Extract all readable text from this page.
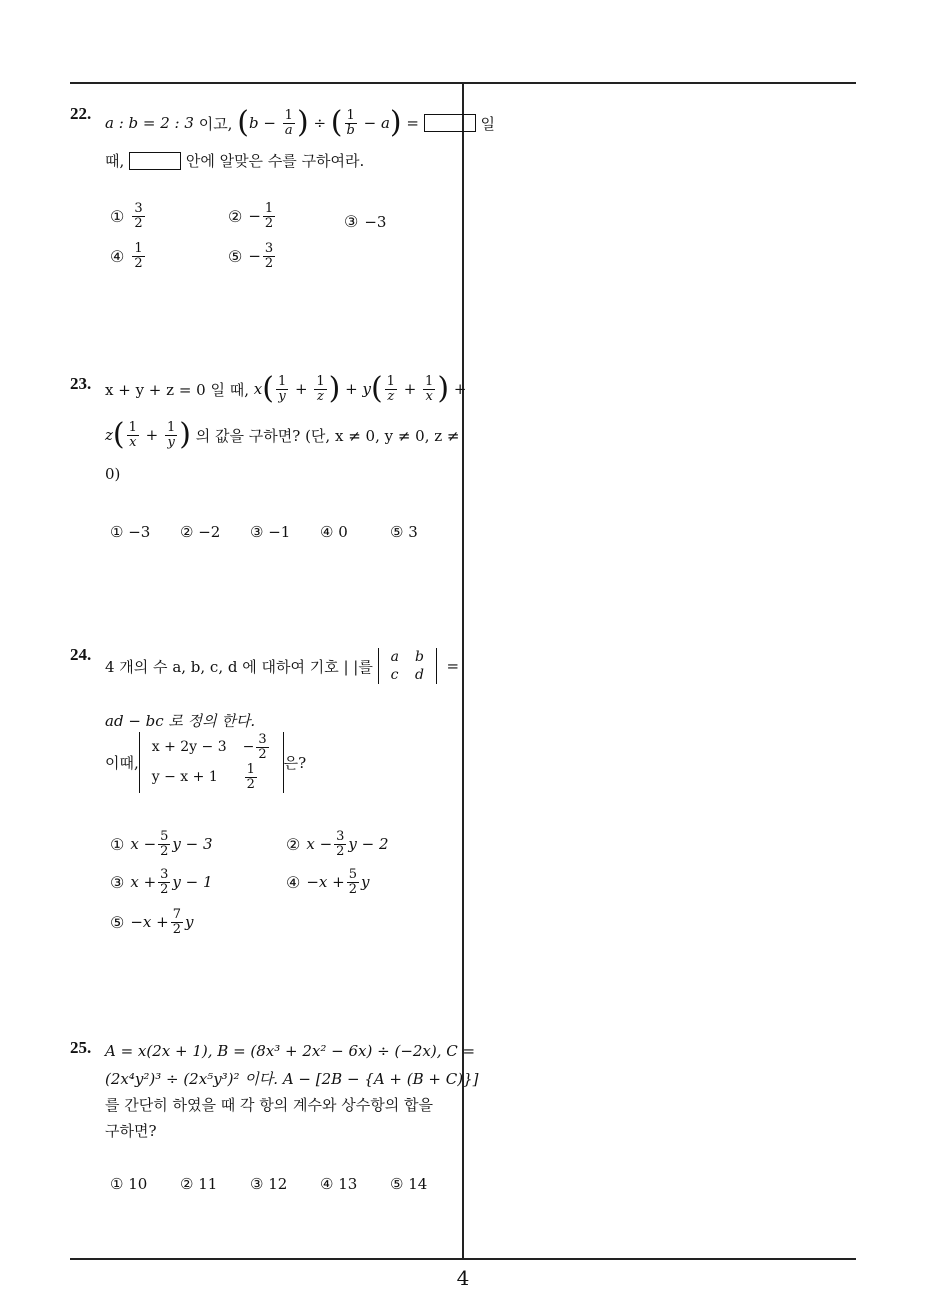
22. a : b = 2 : 3
이고,
( $b - \frac{1}{a}$ ) ÷ ( $\frac{1}{b} - a$ ) =
	일
때,

	안에 알맞은 수를 구하여라.
① $\frac{3}{2}$	② − $\frac{1}{2}$	③ −3
④ $\frac{1}{2}$	⑤ − $\frac{3}{2}$
23. x + y + z = 0 일 때,
x ( $\frac{1}{y} + \frac{1}{z}$ ) + y ( $\frac{1}{z} + \frac{1}{x}$ ) +
z ( $\frac{1}{x} + \frac{1}{y}$ )
의 값을 구하면? (단, x ≠ 0, y ≠ 0, z ≠
0)
① −3 ② −2 ③ −1 ④ 0	⑤ 3
24.
4 개의 수 a, b, c, d 에 대하여 기호 | |를

a	b
c	d =
ad − bc 로 정의 한다.
이때,
x + 2y − 3	− $\frac{3}{2}$

y − x + 1	$\frac{1}{2}$
은?
① $x - \frac{5}{2}$ y − 3	② $x - \frac{3}{2}$ y − 2
③ $x + \frac{3}{2}$ y − 1	④ $-x + \frac{5}{2}$ y
⑤ $-x + \frac{7}{2}$ y
25. A = x(2x + 1), B = (8x³ + 2x² − 6x) ÷ (−2x), C =
(2x⁴y²)³ ÷ (2x⁵y³)² 이다. A − [2B − {A + (B + C)}]
를 간단히 하였을 때 각 항의 계수와 상수항의 합을
구하면?
① 10 ② 11 ③ 12 ④ 13 ⑤ 14
4
